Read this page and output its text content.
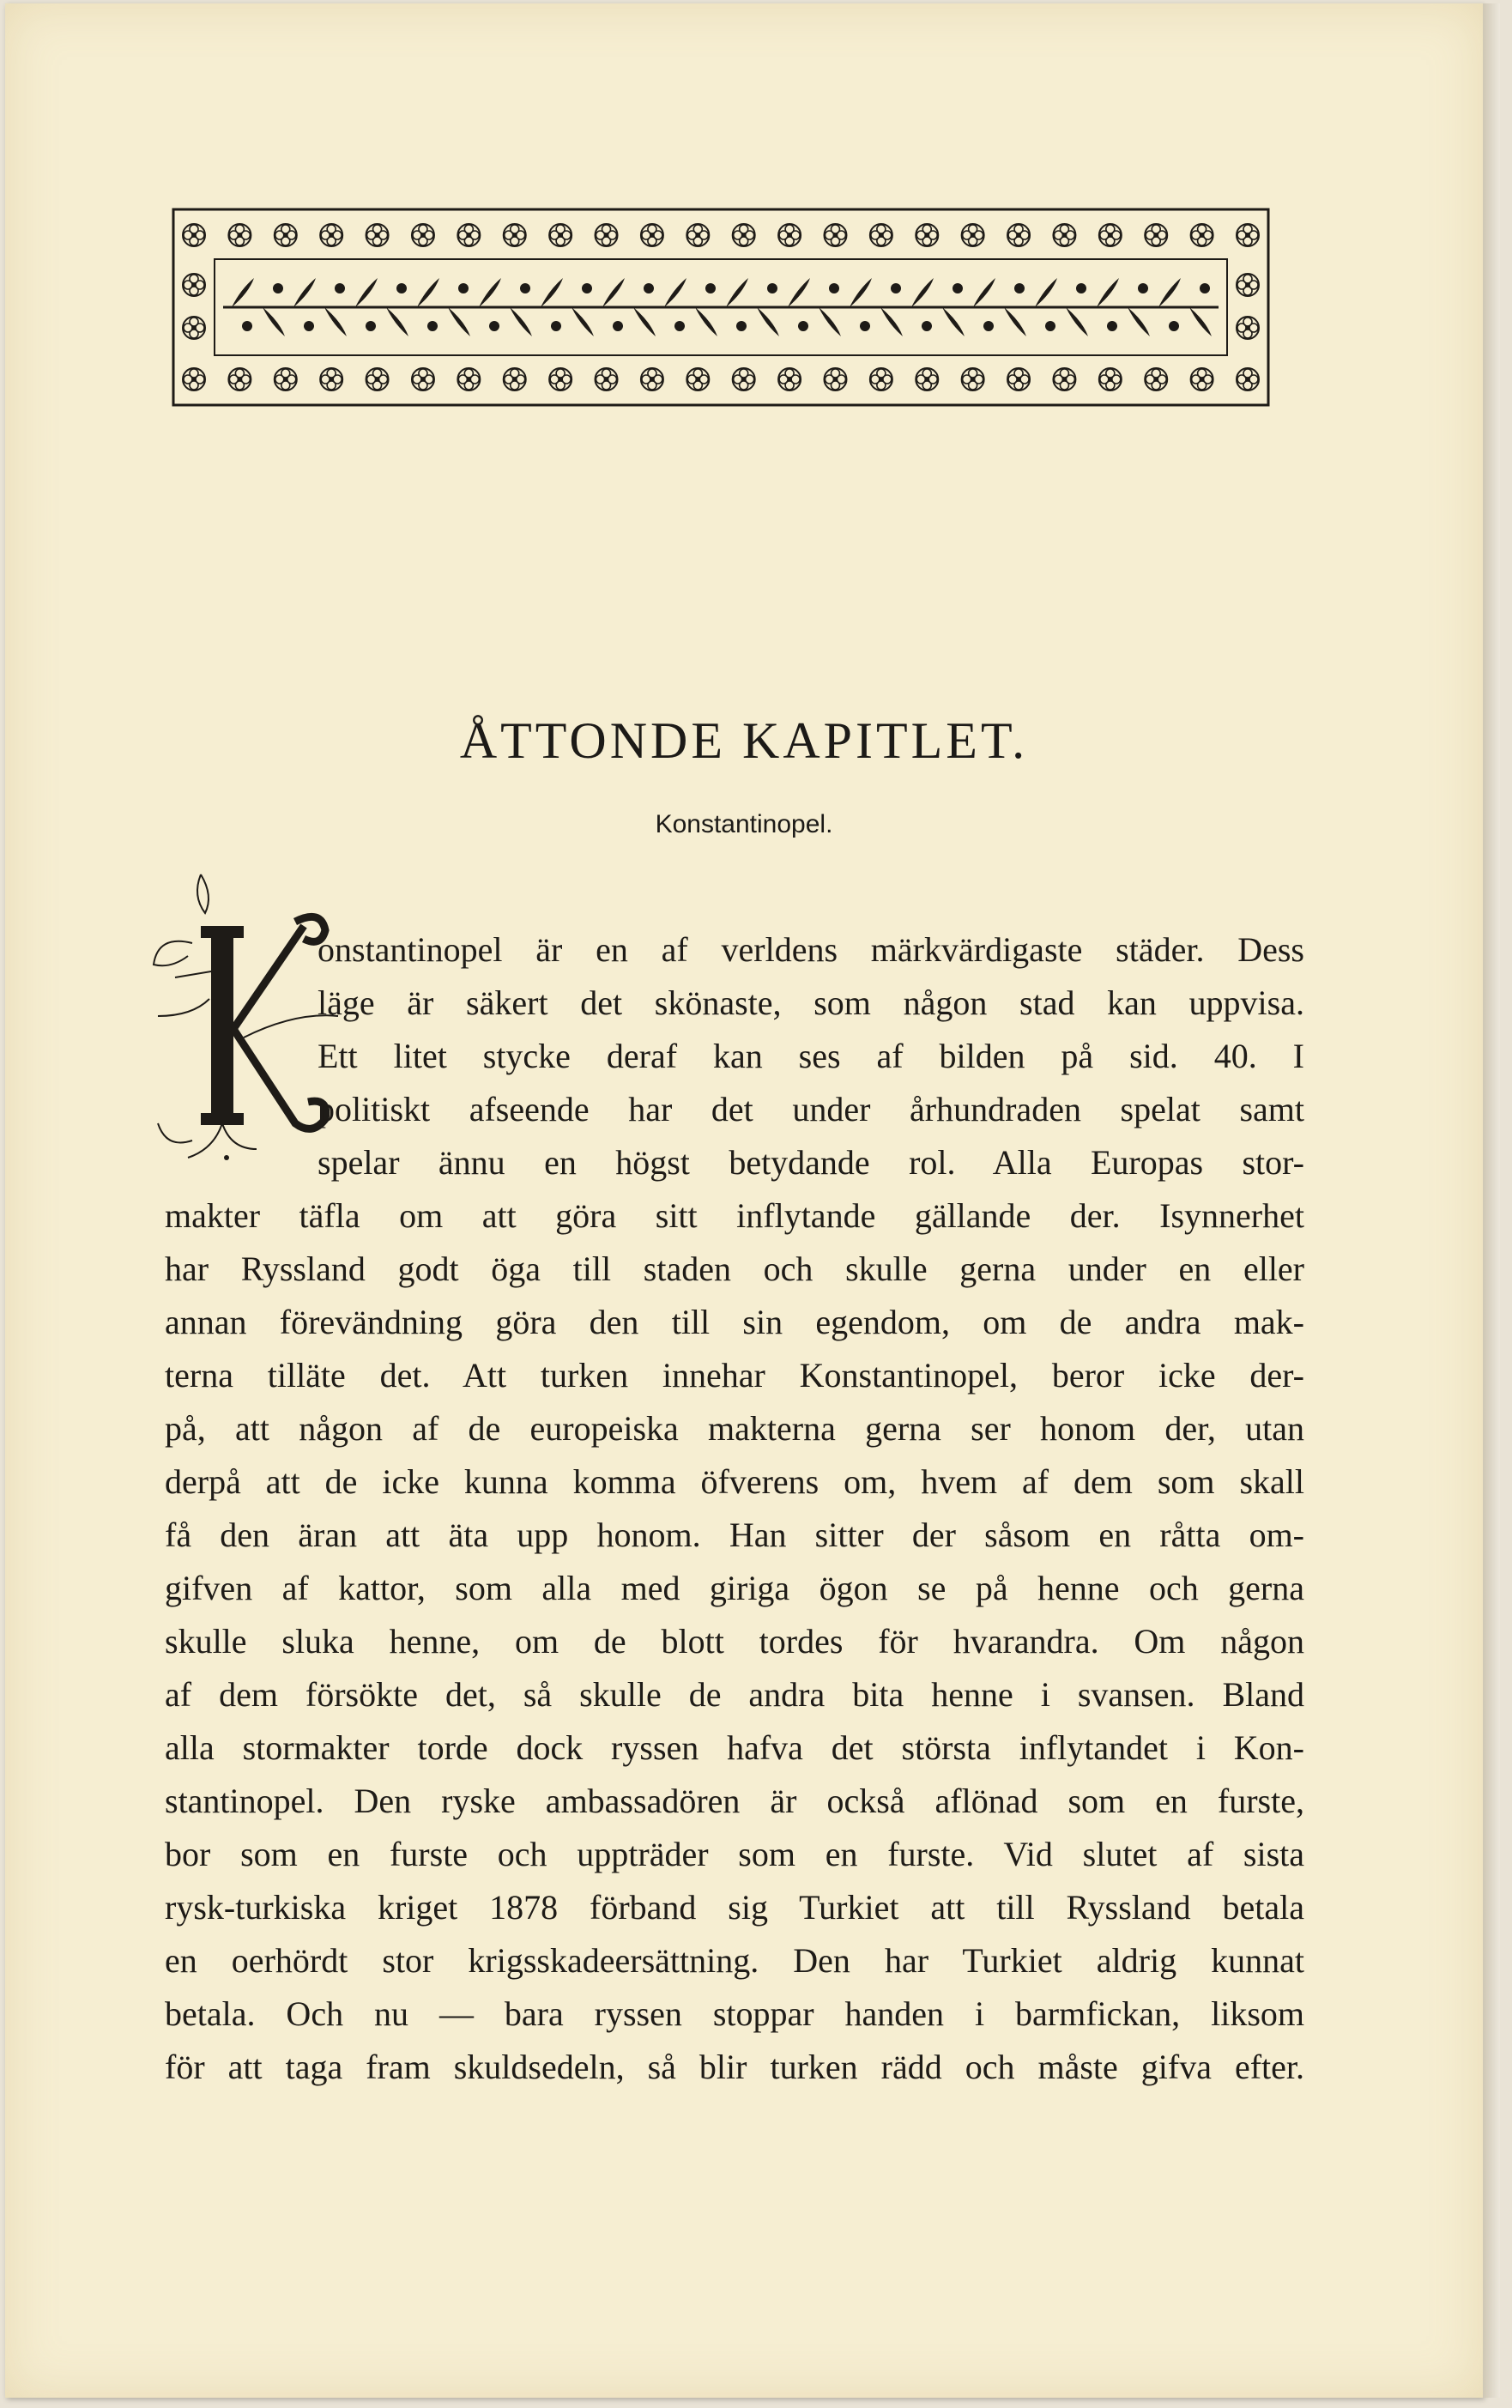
ÅTTONDE KAPITLET.
Konstantinopel.
onstantinopel är en af verldens märkvärdigaste städer. Dess
läge är säkert det skönaste, som någon stad kan uppvisa.
Ett litet stycke deraf kan ses af bilden på sid. 40. I
politiskt afseende har det under århundraden spelat samt
spelar ännu en högst betydande rol. Alla Europas stor-
makter täfla om att göra sitt inflytande gällande der. Isynnerhet
har Ryssland godt öga till staden och skulle gerna under en eller
annan förevändning göra den till sin egendom, om de andra mak-
terna tilläte det. Att turken innehar Konstantinopel, beror icke der-
på, att någon af de europeiska makterna gerna ser honom der, utan
derpå att de icke kunna komma öfverens om, hvem af dem som skall
få den äran att äta upp honom. Han sitter der såsom en råtta om-
gifven af kattor, som alla med giriga ögon se på henne och gerna
skulle sluka henne, om de blott tordes för hvarandra. Om någon
af dem försökte det, så skulle de andra bita henne i svansen. Bland
alla stormakter torde dock ryssen hafva det största inflytandet i Kon-
stantinopel. Den ryske ambassadören är också aflönad som en furste,
bor som en furste och uppträder som en furste. Vid slutet af sista
rysk-turkiska kriget 1878 förband sig Turkiet att till Ryssland betala
en oerhördt stor krigsskadeersättning. Den har Turkiet aldrig kunnat
betala. Och nu — bara ryssen stoppar handen i barmfickan, liksom
för att taga fram skuldsedeln, så blir turken rädd och måste gifva efter.
